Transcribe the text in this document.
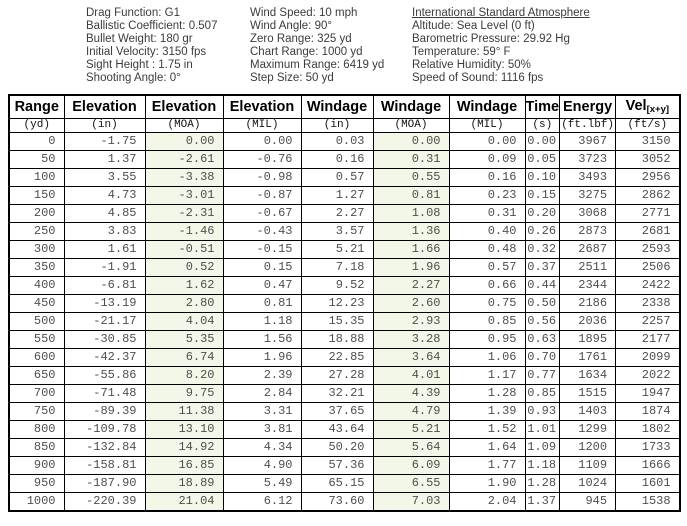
Drag Function: G1
Ballistic Coefficient: 0.507
Bullet Weight: 180 gr
Initial Velocity: 3150 fps
Sight Height : 1.75 in
Shooting Angle: 0°
Wind Speed: 10 mph
Wind Angle: 90°
Zero Range: 325 yd
Chart Range: 1000 yd
Maximum Range: 6419 yd
Step Size: 50 yd
International Standard Atmosphere
Altitude: Sea Level (0 ft)
Barometric Pressure: 29.92 Hg
Temperature: 59° F
Relative Humidity: 50%
Speed of Sound: 1116 fps
Range	Elevation	Elevation	Elevation	Windage	Windage	Windage	Time	Energy	Vel$_{[x+y]}$
(yd)	(in)	(MOA)	(MIL)	(in)	(MOA)	(MIL)	(s)	(ft.lbf)	(ft/s)
0	-1.75	0.00	0.00	0.03	0.00	0.00	0.00	3967	3150
50	1.37	-2.61	-0.76	0.16	0.31	0.09	0.05	3723	3052
100	3.55	-3.38	-0.98	0.57	0.55	0.16	0.10	3493	2956
150	4.73	-3.01	-0.87	1.27	0.81	0.23	0.15	3275	2862
200	4.85	-2.31	-0.67	2.27	1.08	0.31	0.20	3068	2771
250	3.83	-1.46	-0.43	3.57	1.36	0.40	0.26	2873	2681
300	1.61	-0.51	-0.15	5.21	1.66	0.48	0.32	2687	2593
350	-1.91	0.52	0.15	7.18	1.96	0.57	0.37	2511	2506
400	-6.81	1.62	0.47	9.52	2.27	0.66	0.44	2344	2422
450	-13.19	2.80	0.81	12.23	2.60	0.75	0.50	2186	2338
500	-21.17	4.04	1.18	15.35	2.93	0.85	0.56	2036	2257
550	-30.85	5.35	1.56	18.88	3.28	0.95	0.63	1895	2177
600	-42.37	6.74	1.96	22.85	3.64	1.06	0.70	1761	2099
650	-55.86	8.20	2.39	27.28	4.01	1.17	0.77	1634	2022
700	-71.48	9.75	2.84	32.21	4.39	1.28	0.85	1515	1947
750	-89.39	11.38	3.31	37.65	4.79	1.39	0.93	1403	1874
800	-109.78	13.10	3.81	43.64	5.21	1.52	1.01	1299	1802
850	-132.84	14.92	4.34	50.20	5.64	1.64	1.09	1200	1733
900	-158.81	16.85	4.90	57.36	6.09	1.77	1.18	1109	1666
950	-187.90	18.89	5.49	65.15	6.55	1.90	1.28	1024	1601
1000	-220.39	21.04	6.12	73.60	7.03	2.04	1.37	945	1538
